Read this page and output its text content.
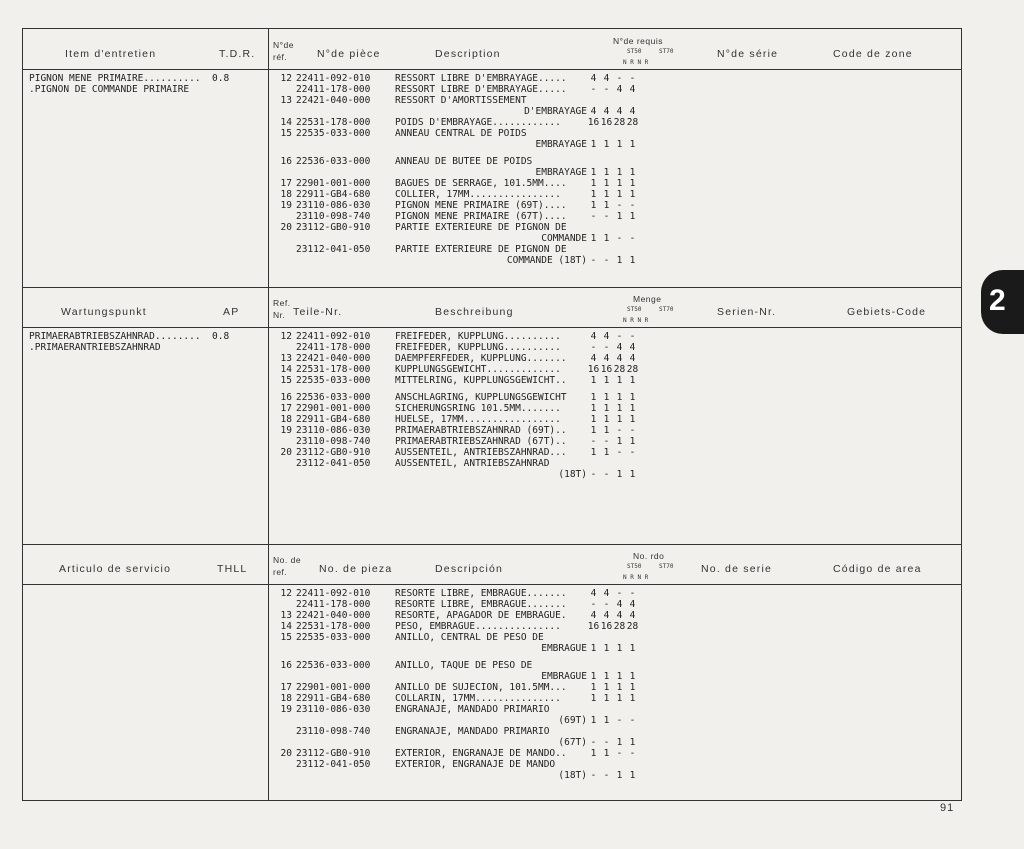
Item d'entretien	T.D.R.
N°de
réf.	N°de pièce	Description
N°de requis
ST50	ST70
N R N R
N°de série	Code de zone
PIGNON MENE PRIMAIRE..........  0.8
.PIGNON DE COMMANDE PRIMAIRE
12 22411-092-010	RESSORT LIBRE D'EMBRAYAGE.....	4 4 - -
22411-178-000	RESSORT LIBRE D'EMBRAYAGE.....	- - 4 4
13 22421-040-000	RESSORT D'AMORTISSEMENT
D'EMBRAYAGE 4 4 4 4
14 22531-178-000	POIDS D'EMBRAYAGE............	16 16 28 28
15 22535-033-000	ANNEAU CENTRAL DE POIDS
EMBRAYAGE 1 1 1 1
16 22536-033-000	ANNEAU DE BUTEE DE POIDS
EMBRAYAGE 1 1 1 1
17 22901-001-000	BAGUES DE SERRAGE, 101.5MM....	1 1 1 1
18 22911-GB4-680	COLLIER, 17MM................	1 1 1 1
19 23110-086-030	PIGNON MENE PRIMAIRE (69T)....	1 1 - -
23110-098-740	PIGNON MENE PRIMAIRE (67T)....	- - 1 1
20 23112-GB0-910	PARTIE EXTERIEURE DE PIGNON DE
COMMANDE 1 1 - -
23112-041-050	PARTIE EXTERIEURE DE PIGNON DE
COMMANDE (18T) - - 1 1
Wartungspunkt	AP
Ref.
Nr. Teile-Nr.	Beschreibung
Menge
ST50	ST70
N R N R
Serien-Nr.	Gebiets-Code
PRIMAERABTRIEBSZAHNRAD........  0.8
.PRIMAERANTRIEBSZAHNRAD
12 22411-092-010	FREIFEDER, KUPPLUNG..........	4 4 - -
22411-178-000	FREIFEDER, KUPPLUNG..........	- - 4 4
13 22421-040-000	DAEMPFERFEDER, KUPPLUNG.......	4 4 4 4
14 22531-178-000	KUPPLUNGSGEWICHT.............	16 16 28 28
15 22535-033-000	MITTELRING, KUPPLUNGSGEWICHT..	1 1 1 1
16 22536-033-000	ANSCHLAGRING, KUPPLUNGSGEWICHT	1 1 1 1
17 22901-001-000	SICHERUNGSRING 101.5MM.......	1 1 1 1
18 22911-GB4-680	HUELSE, 17MM.................	1 1 1 1
19 23110-086-030	PRIMAERABTRIEBSZAHNRAD (69T)..	1 1 - -
23110-098-740	PRIMAERABTRIEBSZAHNRAD (67T)..	- - 1 1
20 23112-GB0-910	AUSSENTEIL, ANTRIEBSZAHNRAD...	1 1 - -
23112-041-050	AUSSENTEIL, ANTRIEBSZAHNRAD
(18T) - - 1 1
Articulo de servicio	THLL
No. de
ref.	No. de pieza	Descripción
No. rdo
ST50	ST70
N R N R
No. de serie	Código de area
12 22411-092-010	RESORTE LIBRE, EMBRAGUE.......	4 4 - -
22411-178-000	RESORTE LIBRE, EMBRAGUE.......	- - 4 4
13 22421-040-000	RESORTE, APAGADOR DE EMBRAGUE.	4 4 4 4
14 22531-178-000	PESO, EMBRAGUE...............	16 16 28 28
15 22535-033-000	ANILLO, CENTRAL DE PESO DE
EMBRAGUE 1 1 1 1
16 22536-033-000	ANILLO, TAQUE DE PESO DE
EMBRAGUE 1 1 1 1
17 22901-001-000	ANILLO DE SUJECION, 101.5MM...	1 1 1 1
18 22911-GB4-680	COLLARIN, 17MM...............	1 1 1 1
19 23110-086-030	ENGRANAJE, MANDADO PRIMARIO
(69T) 1 1 - -
23110-098-740	ENGRANAJE, MANDADO PRIMARIO
(67T) - - 1 1
20 23112-GB0-910	EXTERIOR, ENGRANAJE DE MANDO..	1 1 - -
23112-041-050	EXTERIOR, ENGRANAJE DE MANDO
(18T) - - 1 1
2
91
